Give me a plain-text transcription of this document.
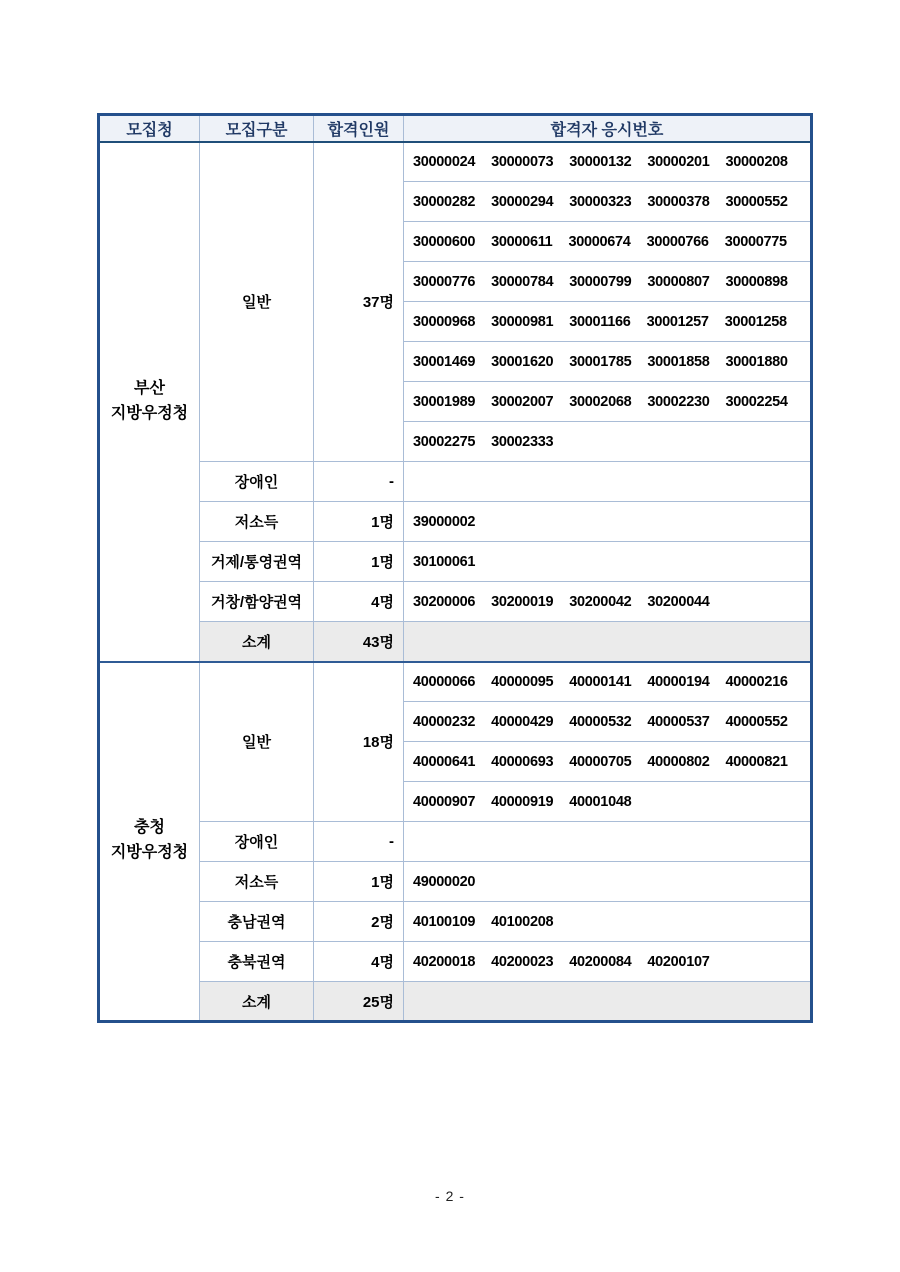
모집청	모집구분	합격인원	합격자 응시번호

부산
지방우정청	일반	37명	30000024 30000073 30000132 30000201 30000208

			30000282 30000294 30000323 30000378 30000552

			30000600 30000611 30000674 30000766 30000775

			30000776 30000784 30000799 30000807 30000898

			30000968 30000981 30001166 30001257 30001258

			30001469 30001620 30001785 30001858 30001880

			30001989 30002007 30002068 30002230 30002254

			30002275 30002333

	장애인	-	

	저소득	1명	39000002

	거제/통영권역	1명	30100061

	거창/함양권역	4명	30200006 30200019 30200042 30200044

	소계	43명	

충청
지방우정청	일반	18명	40000066 40000095 40000141 40000194 40000216

			40000232 40000429 40000532 40000537 40000552

			40000641 40000693 40000705 40000802 40000821

			40000907 40000919 40001048

	장애인	-	

	저소득	1명	49000020

	충남권역	2명	40100109 40100208

	충북권역	4명	40200018 40200023 40200084 40200107

	소계	25명	
- 2 -
